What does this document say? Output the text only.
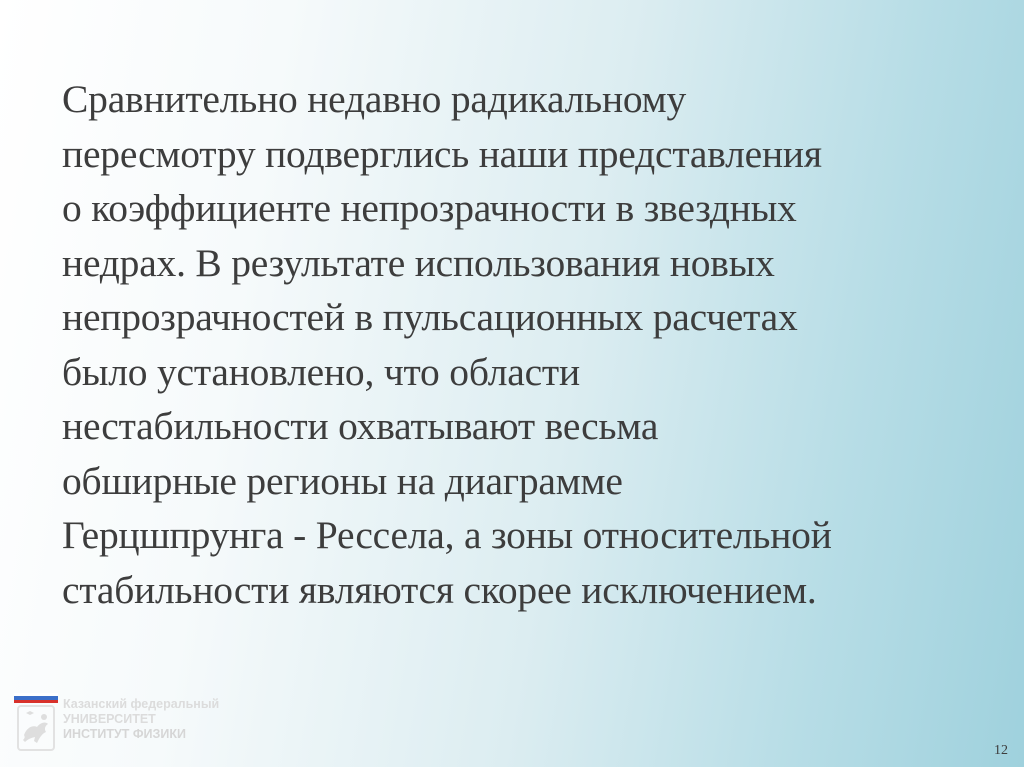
Сравнительно недавно радикальному
пересмотру подверглись наши представления
о коэффициенте непрозрачности в звездных
недрах. В результате использования новых
непрозрачностей в пульсационных расчетах
было установлено, что области
нестабильности охватывают весьма
обширные регионы на диаграмме
Герцшпрунга - Рессела, а зоны относительной
стабильности являются скорее исключением.
Казанский федеральный
УНИВЕРСИТЕТ
ИНСТИТУТ ФИЗИКИ
12
